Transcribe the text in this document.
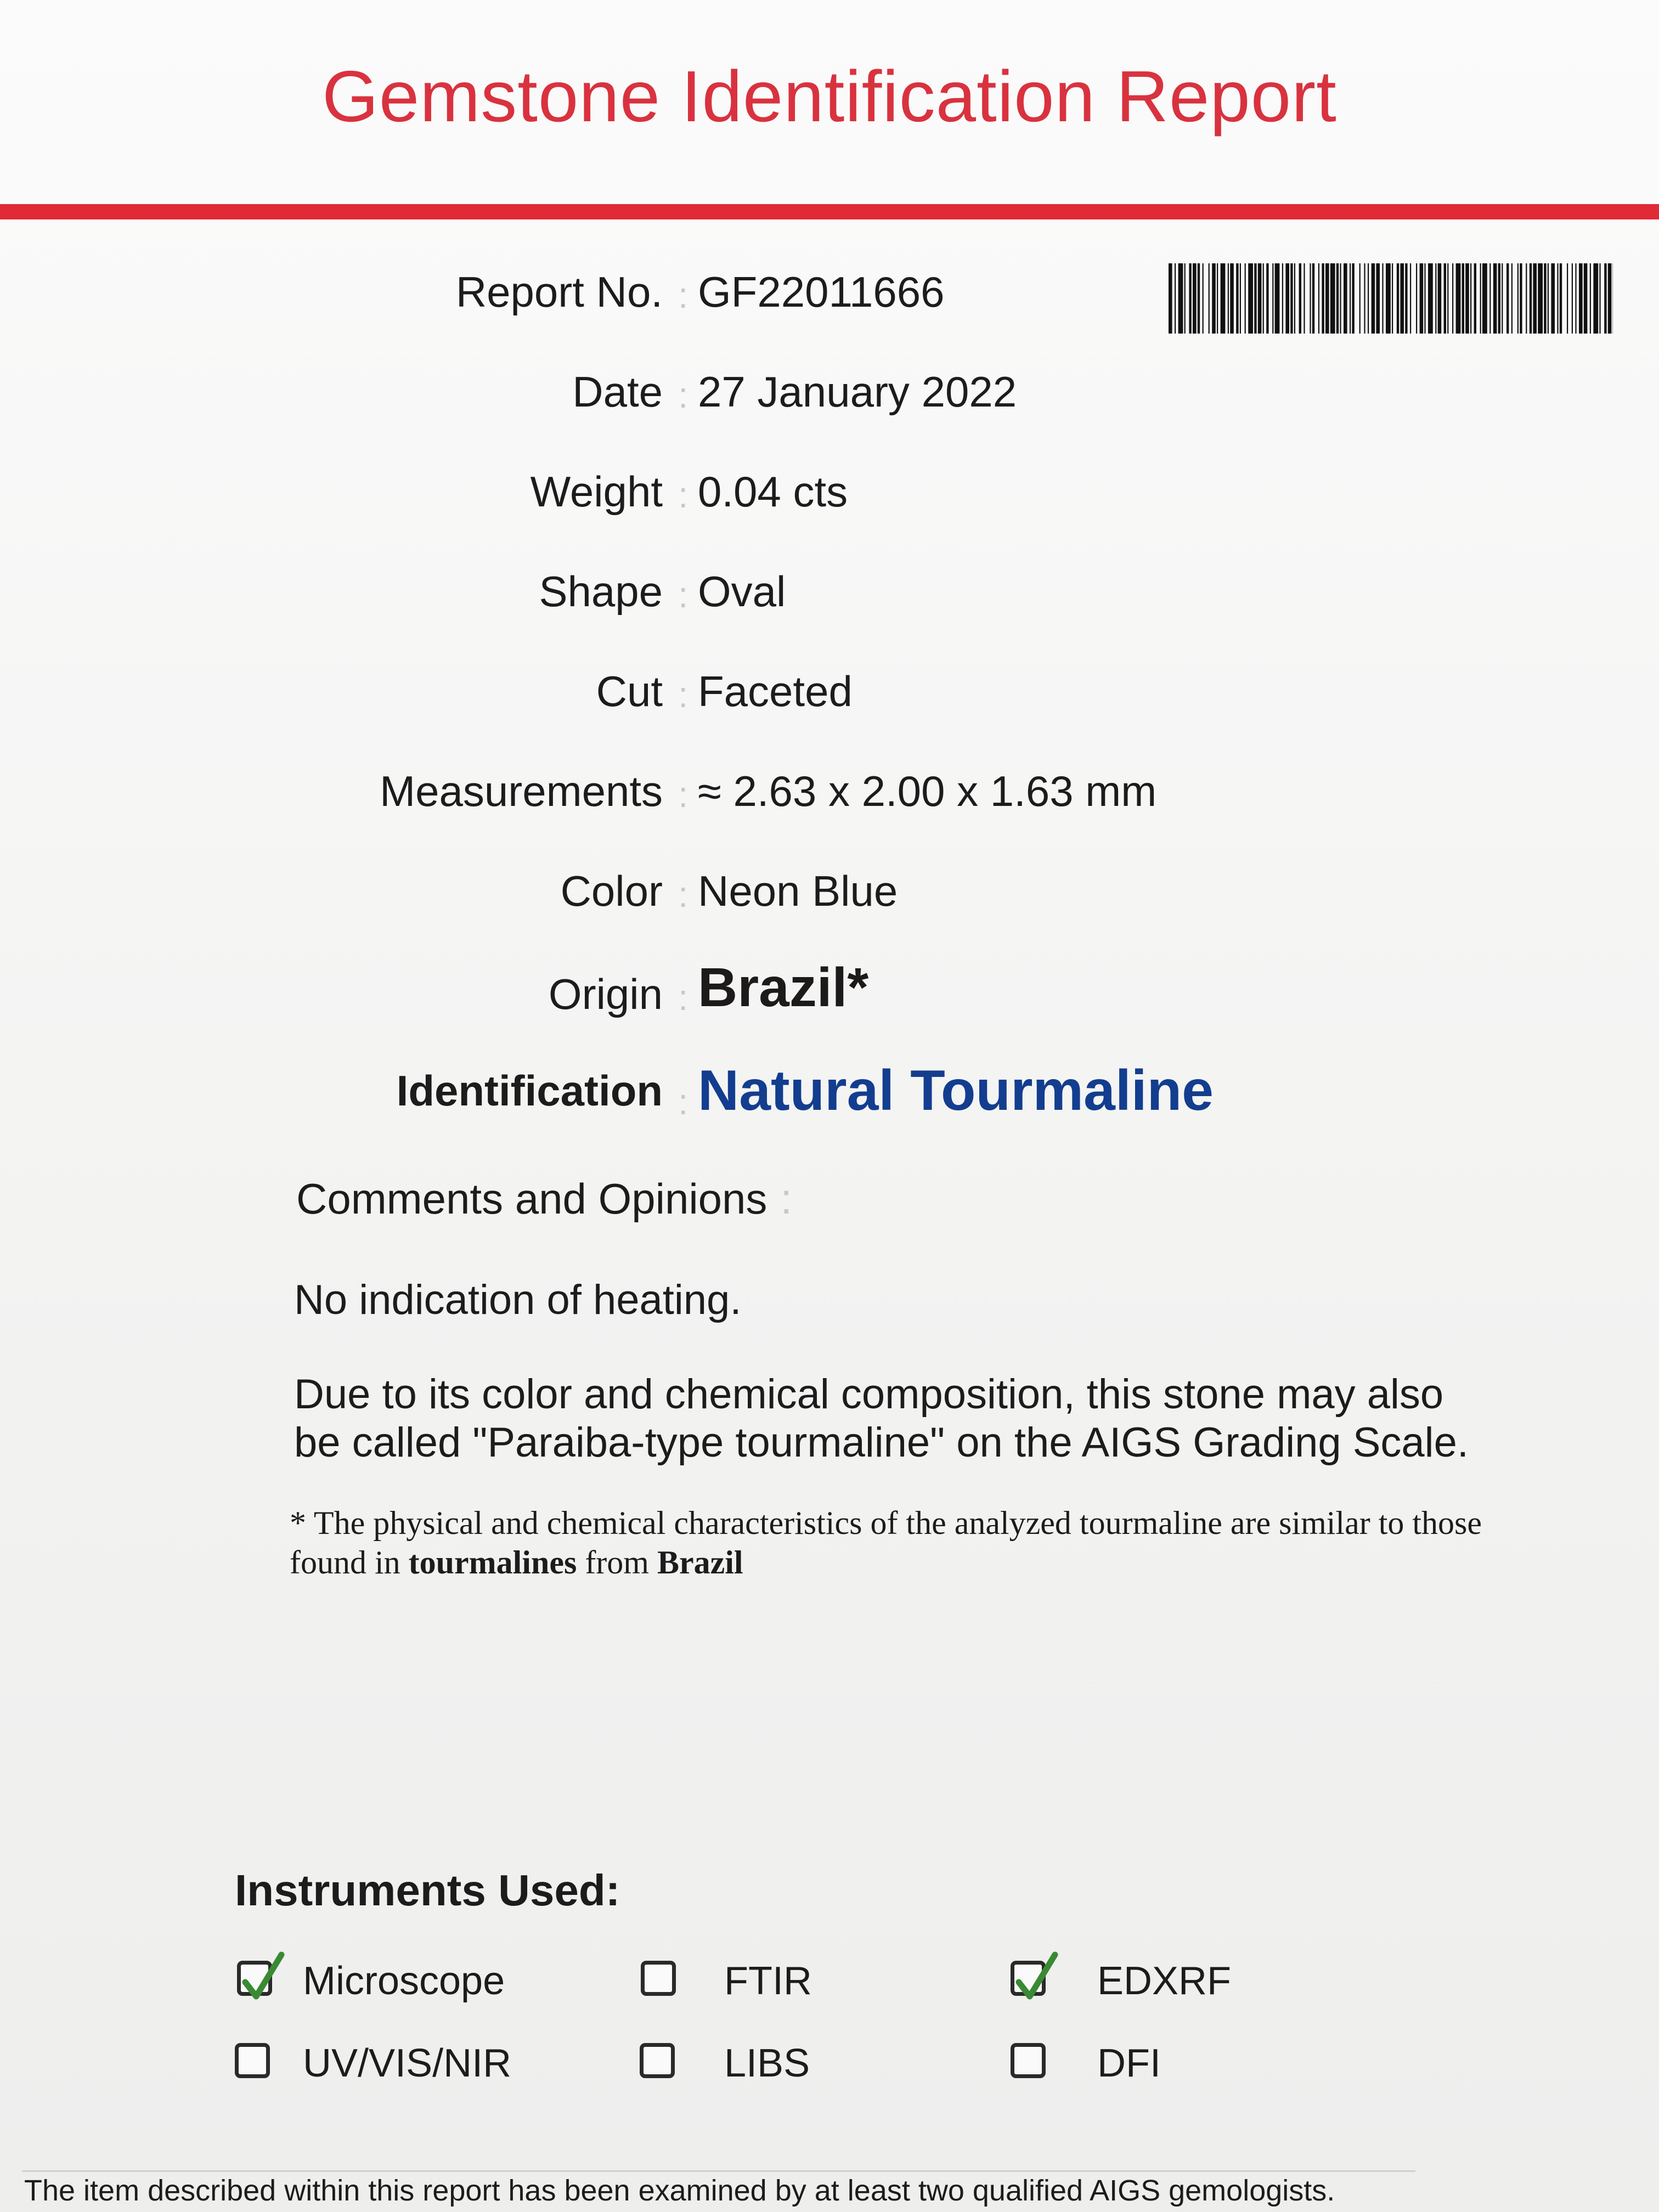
Gemstone Identification Report
Report No. : GF22011666
Date : 27 January 2022
Weight : 0.04 cts
Shape : Oval
Cut : Faceted
Measurements : ≈ 2.63 x 2.00 x 1.63 mm
Color : Neon Blue
Origin : Brazil*
Identification : Natural Tourmaline
Comments and Opinions :
No indication of heating.
Due to its color and chemical composition, this stone may also be called "Paraiba-type tourmaline" on the AIGS Grading Scale.
* The physical and chemical characteristics of the analyzed tourmaline are similar to those found in tourmalines from Brazil
Instruments Used:
Microscope	FTIR	EDXRF
UV/VIS/NIR	LIBS	DFI
The item described within this report has been examined by at least two qualified AIGS gemologists.
